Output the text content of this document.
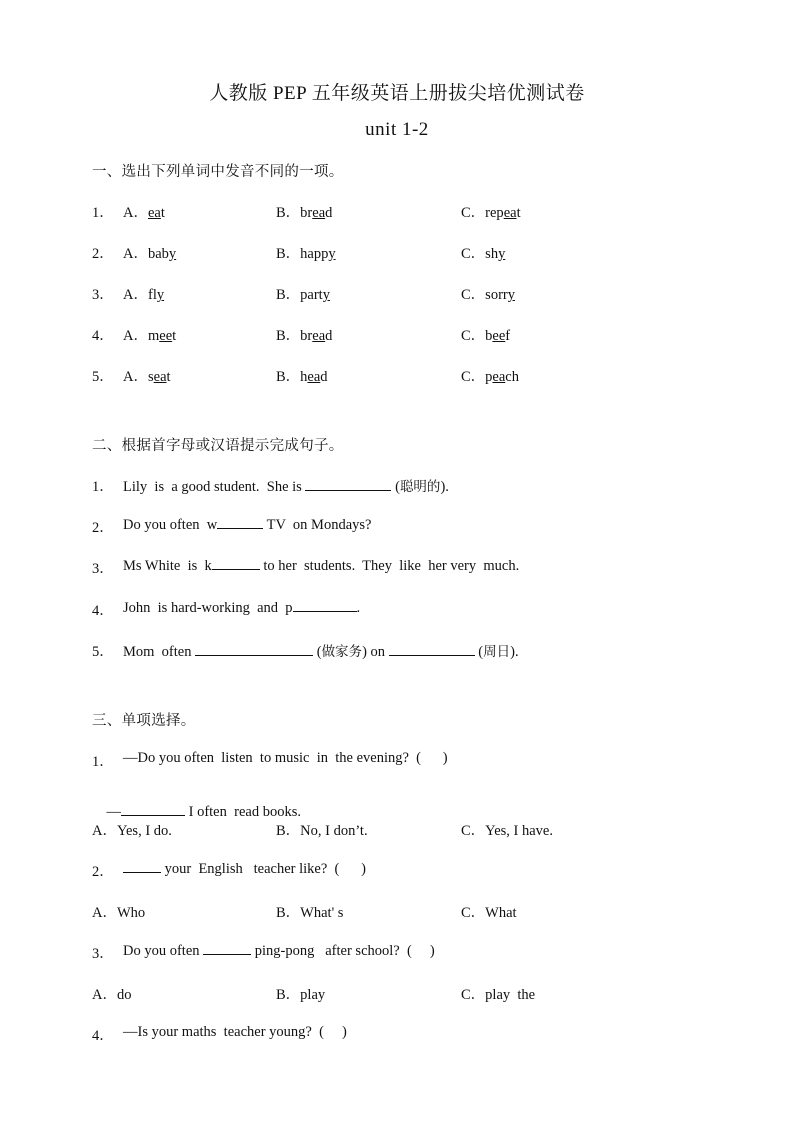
人教版 PEP 五年级英语上册拔尖培优测试卷
unit 1-2
一、选出下列单词中发音不同的一项。
1． A．eat	B．bread	C．repeat
2． A．baby	B．happy	C．shy
3． A．fly	B．party	C．sorry
4． A．meet	B．bread	C．beef
5． A．seat	B．head	C．peach
二、根据首字母或汉语提示完成句子。

1．

Lily  is  a good student.  She is	(聪明的).

2．

Do you often  w	TV  on Mondays?

3．

Ms White  is  k	to her  students.  They  like  her very  much.

4．

John  is hard-working  and  p	.

5．

Mom  often	(做家务) on	(周日).

三、单项选择。

1．

—Do you often  listen  to music  in  the evening?  (      )

—	I often  read books.

A．Yes, I do.

	B．No, I don’t.

	C．Yes, I have.

2．

	your  English   teacher like?  (      )

A．Who

	B．What' s

	C．What

3．

Do you often	ping-pong   after school?  (     )

A．do

	B．play

	C．play  the

4．

—Is your maths  teacher young?  (     )
